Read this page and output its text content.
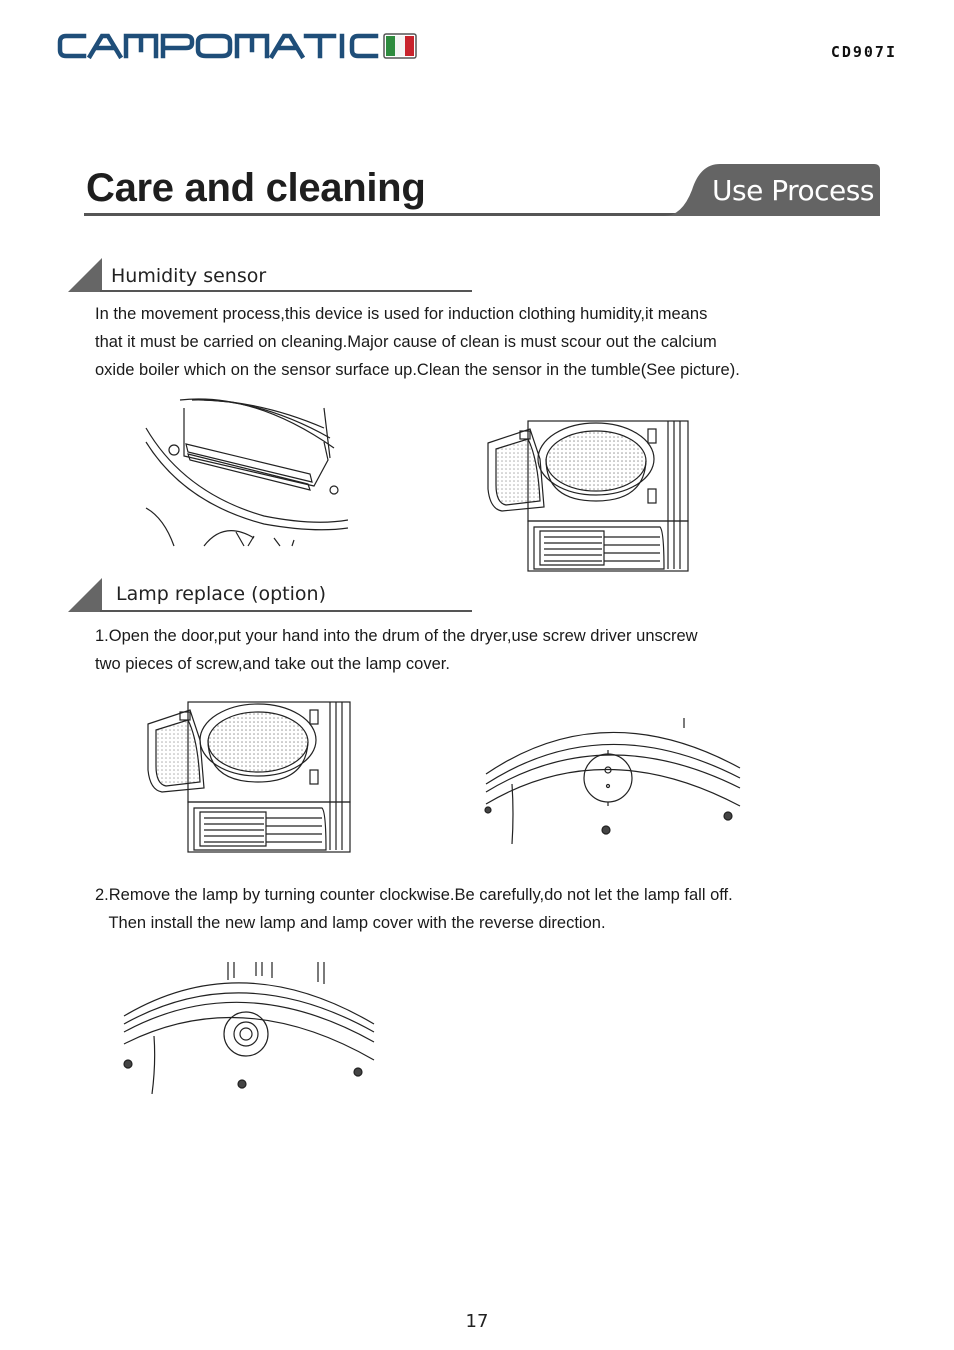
CD907I
Care and cleaning	Use Process
Humidity sensor
In the movement process,this device is used for induction clothing humidity,it means
that it must be carried on cleaning.Major cause of clean is must scour out the calcium
oxide boiler which on the sensor surface up.Clean the sensor in the tumble(See picture).
Lamp replace (option)
1.Open the door,put your hand into the drum of the dryer,use screw driver unscrew
two pieces of screw,and take out the lamp cover.
2.Remove the lamp by turning counter clockwise.Be carefully,do not let the lamp fall off.
Then install the new lamp and lamp cover with the reverse direction.
17
